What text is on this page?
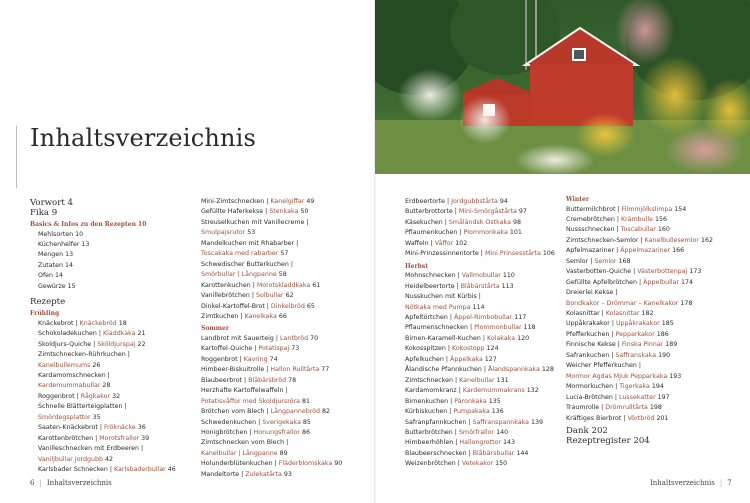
Inhaltsverzeichnis
Vorwort 4
Fika 9
Basics & Infos zu den Rezepten 10
Mehlsorten 10
Küchenhelfer 13
Mengen 13
Zutaten 14
Ofen 14
Gewürze 15
Rezepte
Frühling
Knäckebrot | Knäckebröd 18
Schokoladekuchen | Kladdkaka 21
Skoldjurs-Quiche | Sköldjurspaj 22
Zimtschnecken-Rührkuchen |
Kanelbullemums 26
Kardamomschnecken |
Kardemummabullar 28
Roggenbrot | Rågkakor 32
Schnelle Blätterteigplatten |
Smördegsplattor 35
Saaten-Knäckebrot | Fröknäcke 36
Karottenbrötchen | Morotsfrallor 39
Vanilleschnecken mit Erdbeeren |
Vaniljbullar Jordgubb 42
Karlsbader Schnecken | Karlsbaderbullar 46
Mini-Zimtschnecken | Kanelgiffar 49
Gefüllte Haferkekse | Stenkaka 50
Streuselkuchen mit Vanillecreme |
Smulpajsrutor 53
Mandelkuchen mit Rhabarber |
Toscakaka med rabarber 57
Schwedischer Butterkuchen |
Smörbullar | Långpanne 58
Karottenkuchen | Morotskladdkaka 61
Vanillebrötchen | Solbullar 62
Dinkel-Kartoffel-Brot | Dinkelbröd 65
Zimtkuchen | Kanelkaka 66
Sommer
Landbrot mit Sauerteig | Lantbröd 70
Kartoffel-Quiche | Potatispaj 73
Roggenbrot | Kavring 74
Himbeer-Biskuitrolle | Hallon Rulltårta 77
Blaubeerbrot | Blåbärsbröd 78
Herzhafte Kartoffelwaffeln |
Potatisvåffor med Skoldjursröra 81
Brötchen vom Blech | Långpannebröd 82
Schwedenkuchen | Sverigekaka 85
Honigbrötchen | Honungsfrallor 86
Zimtschnecken vom Blech |
Kanelbullar | Långpanne 89
Holunderblütenkuchen | Fläderblomskaka 90
Mandeltorte | Zulekatårta 93
Erdbeertorte | Jordgubbstårta 94
Butterbrottorte | Mini-Smörgåstårta 97
Käsekuchen | Småländsk Ostkaka 98
Pflaumenkuchen | Plommonkaka 101
Waffeln | Våffor 102
Mini-Prinzessinnentorte | Mini Prinsesstårta 106
Herbst
Mohnschnecken | Vallmobullar 110
Heidelbeertorte | Blåbärstårta 113
Nusskuchen mit Kürbis |
Nötkaka med Pumpa 114
Apfeltörtchen | Äppel-Rimbobullar 117
Pflaumenschnecken | Plommonbullar 118
Birnen-Karamell-Kuchen | Kolakaka 120
Kokosspitzen | Kokostopp 124
Apfelkuchen | Äppelkaka 127
Ålandische Pfannkuchen | Ålandspannkaka 128
Zimtschnecken | Kanelbullar 131
Kardamomkranz | Kardemummakrans 132
Birnenkuchen | Päronkaka 135
Kürbiskuchen | Pumpakaka 136
Safranpfannkuchen | Saffranspannkaka 139
Butterbrötchen | Smörfrallor 140
Himbeerhöhlen | Hallongrottor 143
Blaubeerschnecken | Blåbärsbullar 144
Weizenbrötchen | Vetekakor 150
Winter
Buttermilchbrot | Filmmjölkslimpa 154
Cremebrötchen | Krämbulle 156
Nussschnecken | Toscabullar 160
Zimtschnecken-Semlor | Kanelbullesemlor 162
Apfelmazariner | Äppelmazariner 166
Semlor | Semlor 168
Vasterbotten-Quiche | Västerbottenpaj 173
Gefüllte Apfelbrötchen | Äppelbullar 174
Dreierlei Kekse |
Bondkakor – Drömmar – Kanelkakor 178
Kolasnittar | Kolasnittar 182
Uppåkrakakor | Uppåkrakakor 185
Pfefferkuchen | Pepparkakor 186
Finnische Kekse | Finska Pinnar 189
Safrankuchen | Saffranskaka 190
Weicher Pfefferkuchen |
Mormor Agdas Mjuk Pepparkaka 193
Mormorkuchen | Tigerkaka 194
Lucia-Brötchen | Lussekatter 197
Traumrolle | Drömrulltårta 198
Kräftiges Bierbrot | Vörtbröd 201
Dank 202
Rezeptregister 204
6 | Inhaltsverzeichnis	Inhaltsverzeichnis | 7
